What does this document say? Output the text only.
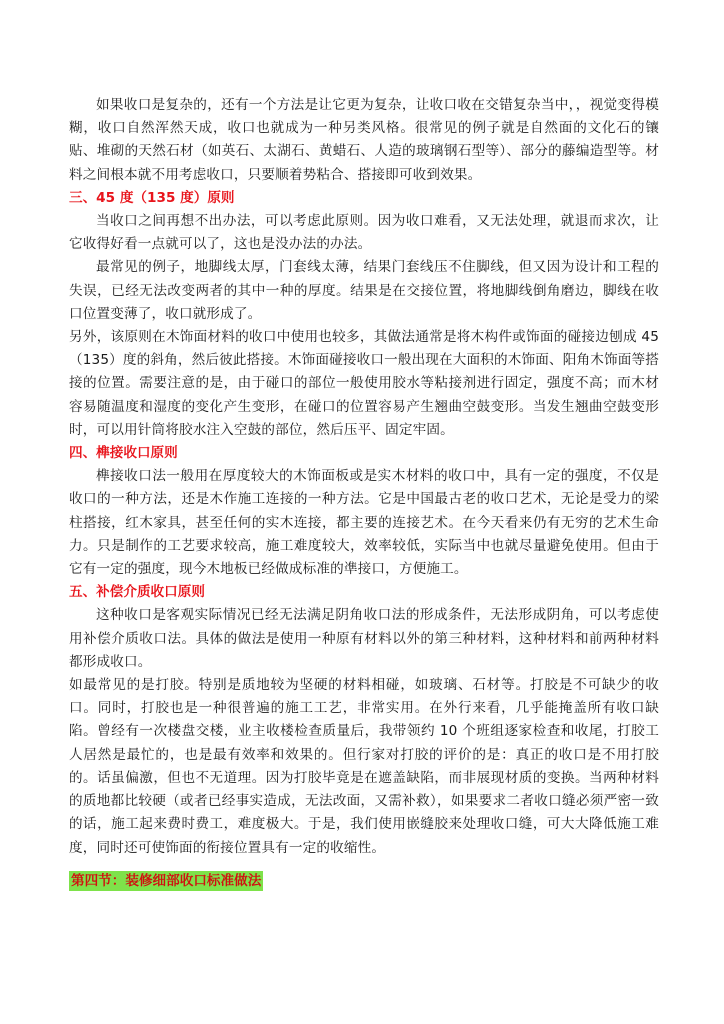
如果收口是复杂的，还有一个方法是让它更为复杂，让收口收在交错复杂当中，，视觉变得模糊，收口自然浑然天成，收口也就成为一种另类风格。很常见的例子就是自然面的文化石的镶贴、堆砌的天然石材（如英石、太湖石、黄蜡石、人造的玻璃钢石型等）、部分的藤编造型等。材料之间根本就不用考虑收口，只要顺着势粘合、搭接即可收到效果。

三、45 度（135 度）原则

当收口之间再想不出办法，可以考虑此原则。因为收口难看，又无法处理，就退而求次，让它收得好看一点就可以了，这也是没办法的办法。

最常见的例子，地脚线太厚，门套线太薄，结果门套线压不住脚线，但又因为设计和工程的失误，已经无法改变两者的其中一种的厚度。结果是在交接位置，将地脚线倒角磨边，脚线在收口位置变薄了，收口就形成了。

另外，该原则在木饰面材料的收口中使用也较多，其做法通常是将木构件或饰面的碰接边刨成 45（135）度的斜角，然后彼此搭接。木饰面碰接收口一般出现在大面积的木饰面、阳角木饰面等搭接的位置。需要注意的是，由于碰口的部位一般使用胶水等粘接剂进行固定，强度不高；而木材容易随温度和湿度的变化产生变形，在碰口的位置容易产生翘曲空鼓变形。当发生翘曲空鼓变形时，可以用针筒将胶水注入空鼓的部位，然后压平、固定牢固。

四、榫接收口原则

榫接收口法一般用在厚度较大的木饰面板或是实木材料的收口中，具有一定的强度，不仅是收口的一种方法，还是木作施工连接的一种方法。它是中国最古老的收口艺术，无论是受力的梁柱搭接，红木家具，甚至任何的实木连接，都主要的连接艺术。在今天看来仍有无穷的艺术生命力。只是制作的工艺要求较高，施工难度较大，效率较低，实际当中也就尽量避免使用。但由于它有一定的强度，现今木地板已经做成标准的凖接口，方便施工。

五、补偿介质收口原则

这种收口是客观实际情况已经无法满足阴角收口法的形成条件，无法形成阴角，可以考虑使用补偿介质收口法。具体的做法是使用一种原有材料以外的第三种材料，这种材料和前两种材料都形成收口。

如最常见的是打胶。特别是质地较为坚硬的材料相碰，如玻璃、石材等。打胶是不可缺少的收口。同时，打胶也是一种很普遍的施工工艺，非常实用。在外行来看，几乎能掩盖所有收口缺陷。曾经有一次楼盘交楼，业主收楼检查质量后，我带领约 10 个班组逐家检查和收尾，打胶工人居然是最忙的，也是最有效率和效果的。但行家对打胶的评价的是：真正的收口是不用打胶的。话虽偏激，但也不无道理。因为打胶毕竟是在遮盖缺陷，而非展现材质的变换。当两种材料的质地都比较硬（或者已经事实造成，无法改面，又需补救），如果要求二者收口缝必须严密一致的话，施工起来费时费工，难度极大。于是，我们使用嵌缝胶来处理收口缝，可大大降低施工难度，同时还可使饰面的衔接位置具有一定的收缩性。

第四节：装修细部收口标准做法
